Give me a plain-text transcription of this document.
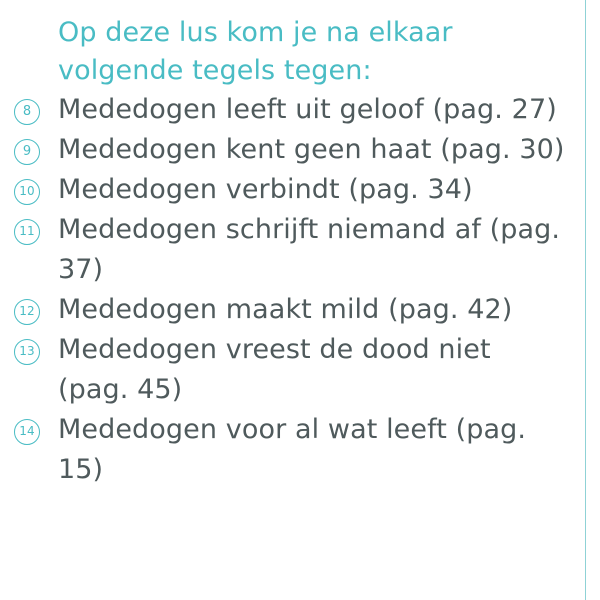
Op deze lus kom je na elkaar volgende tegels tegen:
8 Mededogen leeft uit geloof (pag. 27)
9 Mededogen kent geen haat (pag. 30)
10 Mededogen verbindt (pag. 34)
11 Mededogen schrijft niemand af (pag. 37)
12 Mededogen maakt mild (pag. 42)
13 Mededogen vreest de dood niet (pag. 45)
14 Mededogen voor al wat leeft (pag. 15)
